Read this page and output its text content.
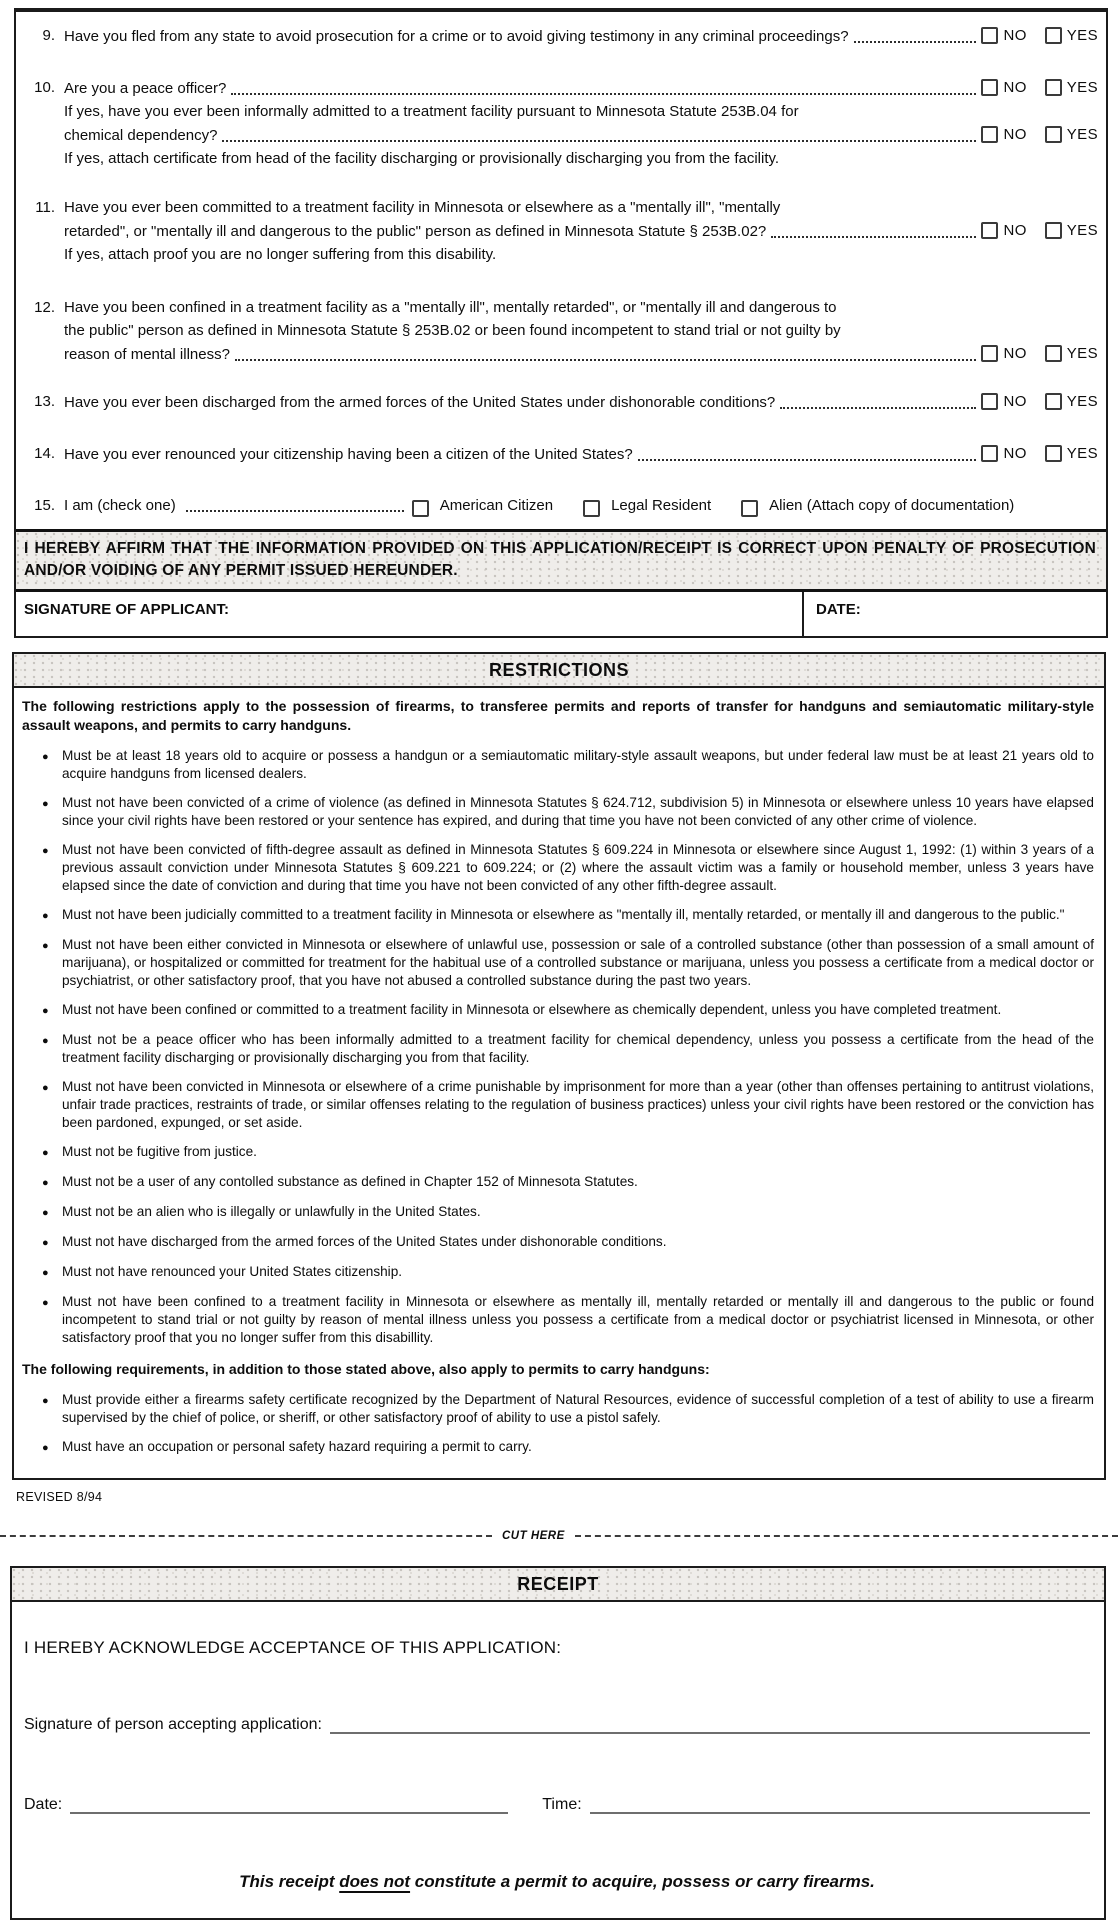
9. Have you fled from any state to avoid prosecution for a crime or to avoid giving testimony in any criminal proceedings?	NO	YES
10. Are you a peace officer?	NO	YES
If yes, have you ever been informally admitted to a treatment facility pursuant to Minnesota Statute 253B.04 for
chemical dependency?	NO	YES
If yes, attach certificate from head of the facility discharging or provisionally discharging you from the facility.
11. Have you ever been committed to a treatment facility in Minnesota or elsewhere as a "mentally ill", "mentally
retarded", or "mentally ill and dangerous to the public" person as defined in Minnesota Statute § 253B.02?	NO	YES
If yes, attach proof you are no longer suffering from this disability.
12. Have you been confined in a treatment facility as a "mentally ill", mentally retarded", or "mentally ill and dangerous to
the public" person as defined in Minnesota Statute § 253B.02 or been found incompetent to stand trial or not guilty by
reason of mental illness?	NO	YES
13. Have you ever been discharged from the armed forces of the United States under dishonorable conditions?	NO	YES
14. Have you ever renounced your citizenship having been a citizen of the United States?	NO	YES
15. I am (check one)	American Citizen	Legal Resident	Alien (Attach copy of documentation)
I HEREBY AFFIRM THAT THE INFORMATION PROVIDED ON THIS APPLICATION/RECEIPT IS CORRECT UPON PENALTY OF PROSECUTION AND/OR VOIDING OF ANY PERMIT ISSUED HEREUNDER.
SIGNATURE OF APPLICANT:	DATE:
RESTRICTIONS
The following restrictions apply to the possession of firearms, to transferee permits and reports of transfer for handguns and semiautomatic military-style assault weapons, and permits to carry handguns.
● Must be at least 18 years old to acquire or possess a handgun or a semiautomatic military-style assault weapons, but under federal law must be at least 21 years old to acquire handguns from licensed dealers.
● Must not have been convicted of a crime of violence (as defined in Minnesota Statutes § 624.712, subdivision 5) in Minnesota or elsewhere unless 10 years have elapsed since your civil rights have been restored or your sentence has expired, and during that time you have not been convicted of any other crime of violence.
● Must not have been convicted of fifth-degree assault as defined in Minnesota Statutes § 609.224 in Minnesota or elsewhere since August 1, 1992: (1) within 3 years of a previous assault conviction under Minnesota Statutes § 609.221 to 609.224; or (2) where the assault victim was a family or household member, unless 3 years have elapsed since the date of conviction and during that time you have not been convicted of any other fifth-degree assault.
● Must not have been judicially committed to a treatment facility in Minnesota or elsewhere as "mentally ill, mentally retarded, or mentally ill and dangerous to the public."
● Must not have been either convicted in Minnesota or elsewhere of unlawful use, possession or sale of a controlled substance (other than possession of a small amount of marijuana), or hospitalized or committed for treatment for the habitual use of a controlled substance or marijuana, unless you possess a certificate from a medical doctor or psychiatrist, or other satisfactory proof, that you have not abused a controlled substance during the past two years.
● Must not have been confined or committed to a treatment facility in Minnesota or elsewhere as chemically dependent, unless you have completed treatment.
● Must not be a peace officer who has been informally admitted to a treatment facility for chemical dependency, unless you possess a certificate from the head of the treatment facility discharging or provisionally discharging you from that facility.
● Must not have been convicted in Minnesota or elsewhere of a crime punishable by imprisonment for more than a year (other than offenses pertaining to antitrust violations, unfair trade practices, restraints of trade, or similar offenses relating to the regulation of business practices) unless your civil rights have been restored or the conviction has been pardoned, expunged, or set aside.
● Must not be fugitive from justice.
● Must not be a user of any contolled substance as defined in Chapter 152 of Minnesota Statutes.
● Must not be an alien who is illegally or unlawfully in the United States.
● Must not have discharged from the armed forces of the United States under dishonorable conditions.
● Must not have renounced your United States citizenship.
● Must not have been confined to a treatment facility in Minnesota or elsewhere as mentally ill, mentally retarded or mentally ill and dangerous to the public or found incompetent to stand trial or not guilty by reason of mental illness unless you possess a certificate from a medical doctor or psychiatrist licensed in Minnesota, or other satisfactory proof that you no longer suffer from this disabillity.
The following requirements, in addition to those stated above, also apply to permits to carry handguns:
● Must provide either a firearms safety certificate recognized by the Department of Natural Resources, evidence of successful completion of a test of ability to use a firearm supervised by the chief of police, or sheriff, or other satisfactory proof of ability to use a pistol safely.
● Must have an occupation or personal safety hazard requiring a permit to carry.
REVISED 8/94
CUT HERE
RECEIPT
I HEREBY ACKNOWLEDGE ACCEPTANCE OF THIS APPLICATION:
Signature of person accepting application:
Date:	Time:
This receipt does not constitute a permit to acquire, possess or carry firearms.
